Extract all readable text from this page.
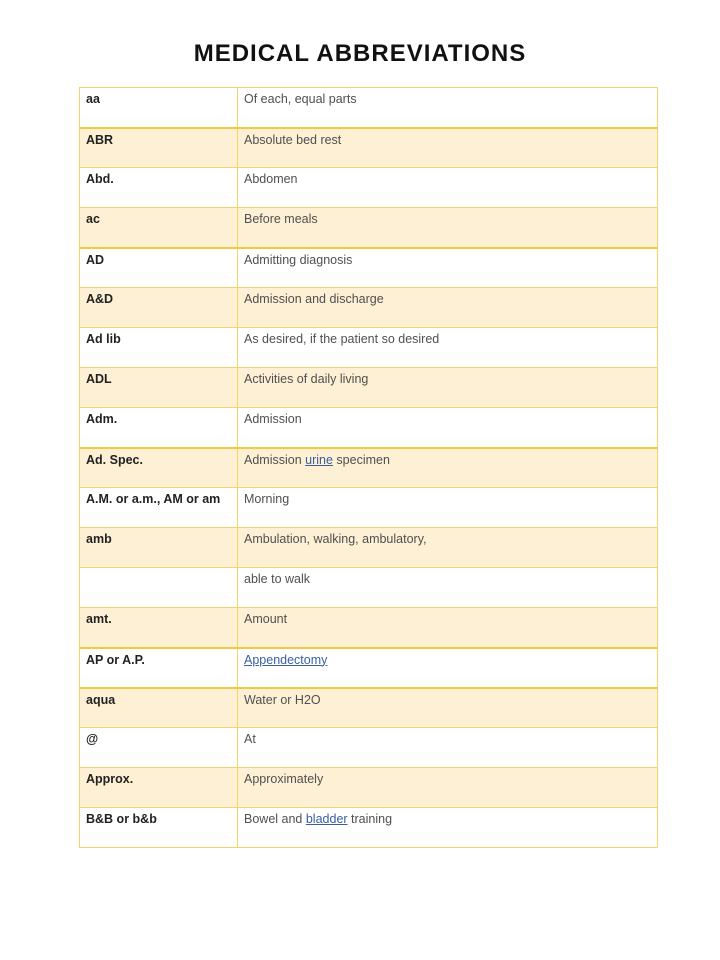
MEDICAL ABBREVIATIONS
aa	Of each, equal parts
ABR	Absolute bed rest
Abd.	Abdomen
ac	Before meals
AD	Admitting diagnosis
A&D	Admission and discharge
Ad lib	As desired, if the patient so desired
ADL	Activities of daily living
Adm.	Admission
Ad. Spec.	Admission urine specimen
A.M. or a.m., AM or am	Morning
amb	Ambulation, walking, ambulatory,
	able to walk
amt.	Amount
AP or A.P.	Appendectomy
aqua	Water or H2O
@	At
Approx.	Approximately
B&B or b&b	Bowel and bladder training
